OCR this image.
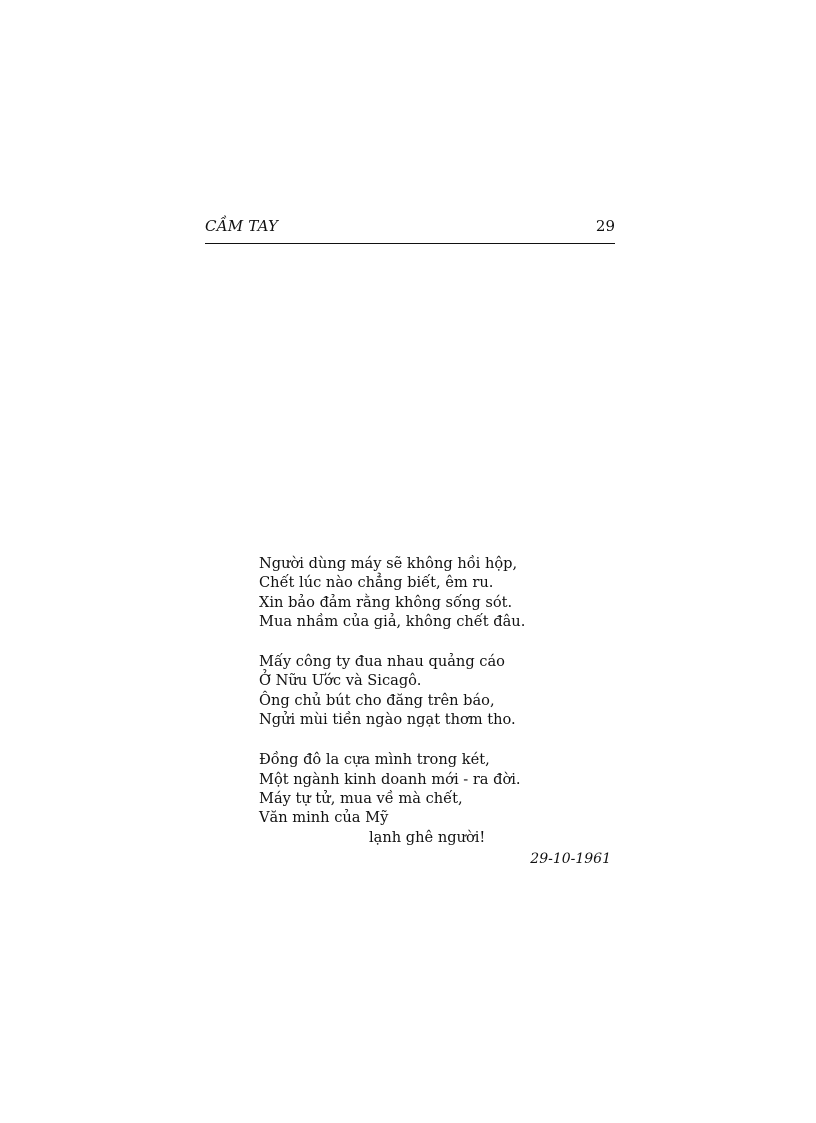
CẦM TAY	29
Người dùng máy sẽ không hồi hộp,
Chết lúc nào chẳng biết, êm ru.
Xin bảo đảm rằng không sống sót.
Mua nhầm của giả, không chết đâu.
Mấy công ty đua nhau quảng cáo
Ở Nữu Ước và Sicagô.
Ông chủ bút cho đăng trên báo,
Ngửi mùi tiền ngào ngạt thơm tho.
Đồng đô la cựa mình trong két,
Một ngành kinh doanh mới - ra đời.
Máy tự tử, mua về mà chết,
Văn minh của Mỹ
lạnh ghê người!
29-10-1961
